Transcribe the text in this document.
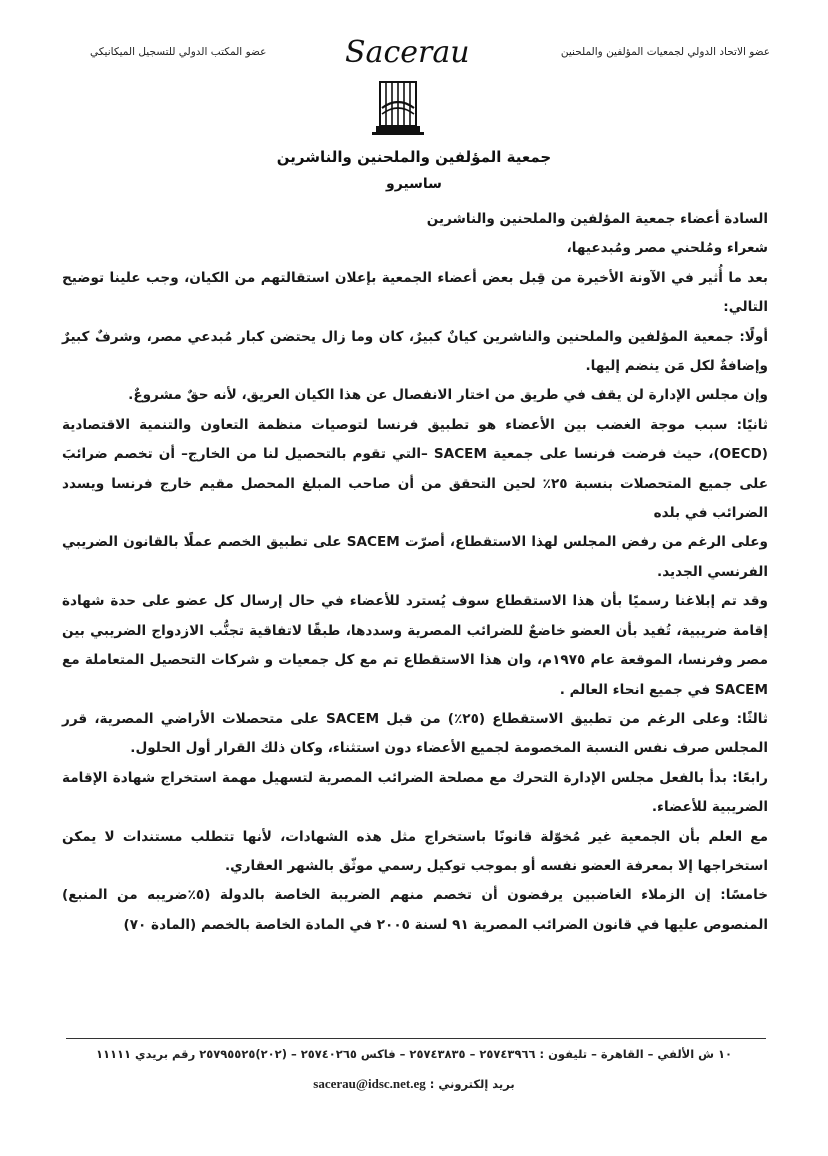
عضو الاتحاد الدولي لجمعيات المؤلفين والملحنين
عضو المكتب الدولي للتسجيل الميكانيكي	Sacerau
جمعية المؤلفين والملحنين والناشرين
ساسيرو

السادة أعضاء جمعية المؤلفين والملحنين والناشرين

شعراء ومُلحني مصر ومُبدعيها،

بعد ما أُثير في الآونة الأخيرة من قِبل بعض أعضاء الجمعية بإعلان استقالتهم من الكيان، وجب علينا توضيح التالي:

أولًا: جمعية المؤلفين والملحنين والناشرين كيانٌ كبيرٌ، كان وما زال يحتضن كبار مُبدعي مصر، وشرفٌ كبيرٌ وإضافةٌ لكل مَن ينضم إليها.

وإن مجلس الإدارة لن يقف في طريق من اختار الانفصال عن هذا الكيان العريق، لأنه حقٌ مشروعٌ.

ثانيًا: سبب موجة الغضب بين الأعضاء هو تطبيق فرنسا لتوصيات منظمة التعاون والتنمية الاقتصادية (OECD)، حيث فرضت فرنسا على جمعية SACEM –التي تقوم بالتحصيل لنا من الخارج– أن تخصم ضرائبَ على جميع المتحصلات بنسبة ٢٥٪ لحين التحقق من أن صاحب المبلغ المحصل مقيم خارج فرنسا ويسدد الضرائب في بلده

وعلى الرغم من رفض المجلس لهذا الاستقطاع، أصرّت SACEM على تطبيق الخصم عملًا بالقانون الضريبي الفرنسي الجديد.

وقد تم إبلاغنا رسميًا بأن هذا الاستقطاع سوف يُسترد للأعضاء في حال إرسال كل عضو على حدة شهادة إقامة ضريبية، تُفيد بأن العضو خاضعٌ للضرائب المصرية وسددها، طبقًا لاتفاقية تجنُّب الازدواج الضريبي بين مصر وفرنسا، الموقعة عام ١٩٧٥م، وان هذا الاستقطاع تم مع كل جمعيات و شركات التحصيل المتعاملة مع SACEM في جميع انحاء العالم .

ثالثًا: وعلى الرغم من تطبيق الاستقطاع (٢٥٪) من قبل SACEM على متحصلات الأراضي المصرية، قرر المجلس صرف نفس النسبة المخصومة لجميع الأعضاء دون استثناء، وكان ذلك القرار أول الحلول.

رابعًا: بدأ بالفعل مجلس الإدارة التحرك مع مصلحة الضرائب المصرية لتسهيل مهمة استخراج شهادة الإقامة الضريبية للأعضاء.

مع العلم بأن الجمعية غير مُخوّلة قانونًا باستخراج مثل هذه الشهادات، لأنها تتطلب مستندات لا يمكن استخراجها إلا بمعرفة العضو نفسه أو بموجب توكيل رسمي موثّق بالشهر العقاري.

خامسًا: إن الزملاء الغاضبين يرفضون أن تخصم منهم الضريبة الخاصة بالدولة (٥٪ضريبه من المنبع) المنصوص عليها في قانون الضرائب المصرية ٩١ لسنة ٢٠٠٥ في المادة الخاصة بالخصم (المادة ٧٠)

١٠ ش الألفي – القاهرة – تليفون : ٢٥٧٤٣٩٦٦ – ٢٥٧٤٣٨٣٥ – فاكس ٢٥٧٤٠٢٦٥ – (٢٠٢)٢٥٧٩٥٥٢٥ رقم بريدي ١١١١١
بريد إلكتروني : sacerau@idsc.net.eg
